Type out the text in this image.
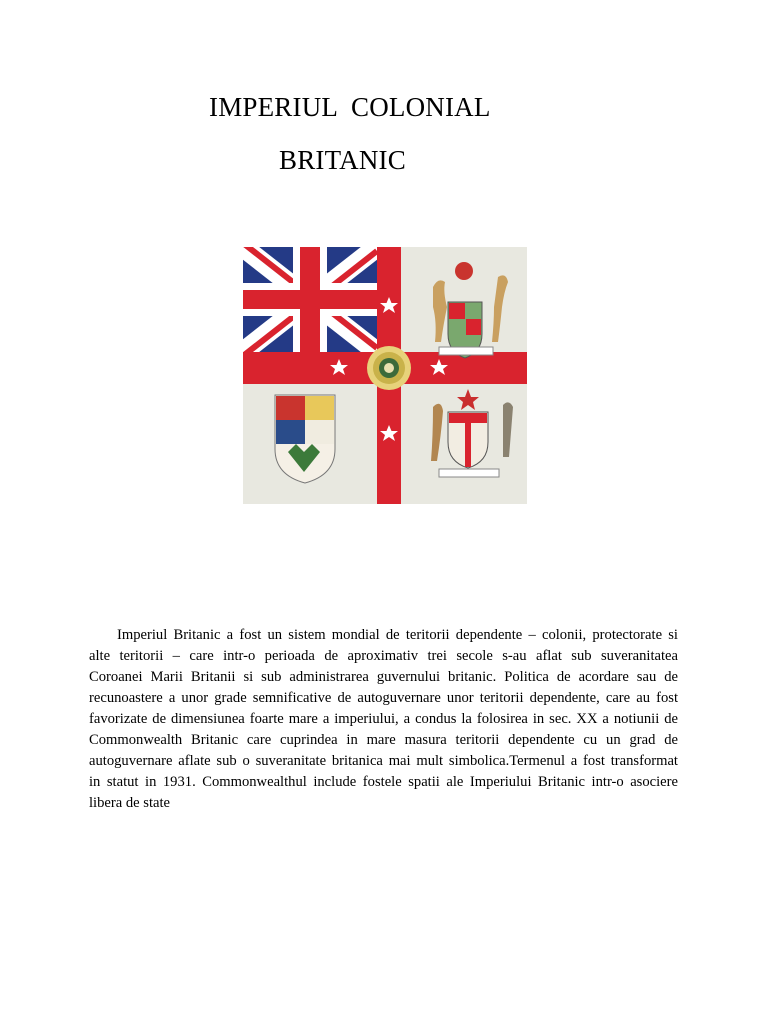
IMPERIUL  COLONIAL
BRITANIC
Imperiul Britanic a fost un sistem mondial de teritorii dependente – colonii, protectorate si
alte teritorii – care intr-o perioada de aproximativ trei secole s-au aflat sub suveranitatea
Coroanei Marii Britanii si sub administrarea guvernului britanic. Politica de acordare sau de
recunoastere a unor grade semnificative de autoguvernare unor teritorii dependente, care au fost
favorizate de dimensiunea foarte mare a imperiului, a condus la folosirea in sec. XX a notiunii de
Commonwealth Britanic care cuprindea in mare masura teritorii dependente cu un grad de
autoguvernare aflate sub o suveranitate britanica mai mult simbolica.Termenul a fost transformat
in statut in 1931. Commonwealthul include fostele spatii ale Imperiului Britanic intr-o asociere
libera de state
